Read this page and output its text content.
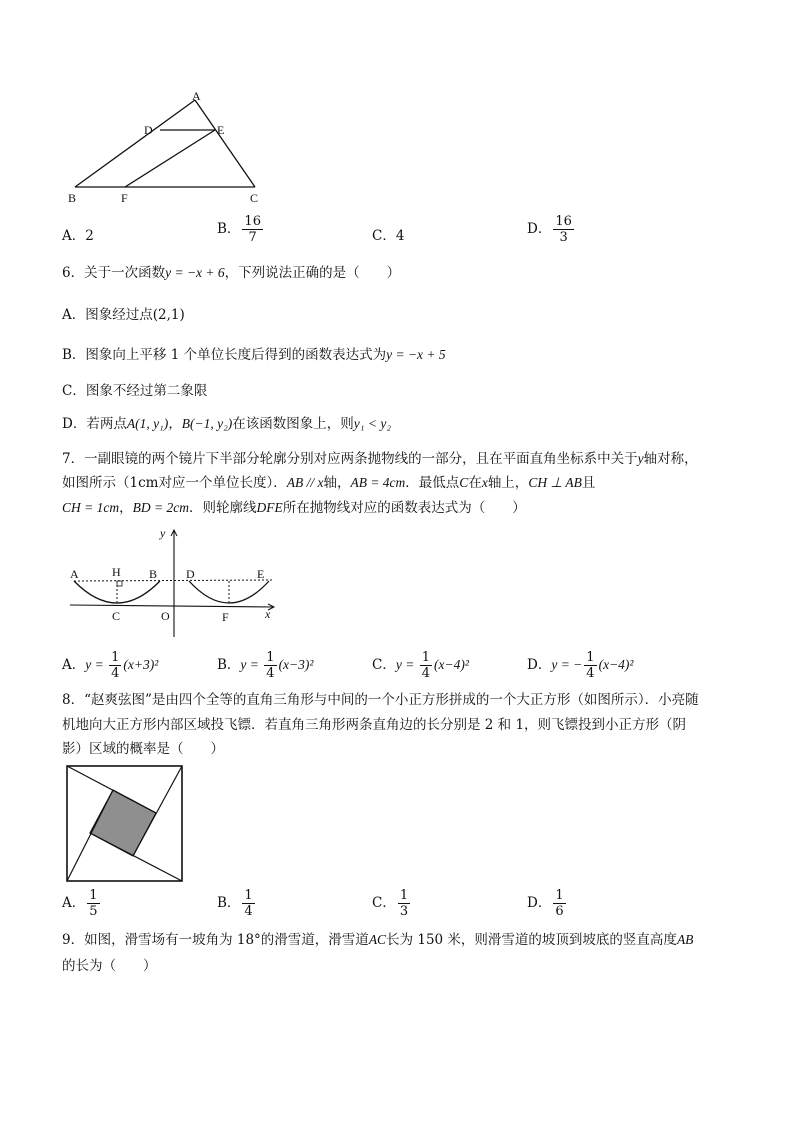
A
D	E
B	F	C
A．2	B． $\frac{16}{7}$	C．4	D． $\frac{16}{3}$
6．关于一次函数y = −x + 6，下列说法正确的是（　　）
A．图象经过点(2,1)
B．图象向上平移 1 个单位长度后得到的函数表达式为y = −x + 5
C．图象不经过第二象限
D．若两点A(1, y₁)，B(−1, y₂)在该函数图象上，则y₁ < y₂
7．一副眼镜的两个镜片下半部分轮廓分别对应两条抛物线的一部分，且在平面直角坐标系中关于y轴对称，
如图所示（1cm对应一个单位长度）．AB // x轴，AB = 4cm．最低点C在x轴上，CH ⊥ AB且
CH = 1cm，BD = 2cm．则轮廓线DFE所在抛物线对应的函数表达式为（　　）
A	H B D	E
C	O	F	x
y
A．$y = \frac{1}{4} (x+3)^2$	B．$y = \frac{1}{4} (x-3)^2$	C．$y = \frac{1}{4} (x-4)^2$	D．y = − $\frac{1}{4} (x-4)^2$
8．“赵爽弦图”是由四个全等的直角三角形与中间的一个小正方形拼成的一个大正方形（如图所示）．小亮随
机地向大正方形内部区域投飞镖．若直角三角形两条直角边的长分别是 2 和 1，则飞镖投到小正方形（阴
影）区域的概率是（　　）
A． $\frac{1}{5}$	B． $\frac{1}{4}$	C． $\frac{1}{3}$	D． $\frac{1}{6}$
9．如图，滑雪场有一坡角为 18°的滑雪道，滑雪道AC长为 150 米，则滑雪道的坡顶到坡底的竖直高度AB
的长为（　　）
